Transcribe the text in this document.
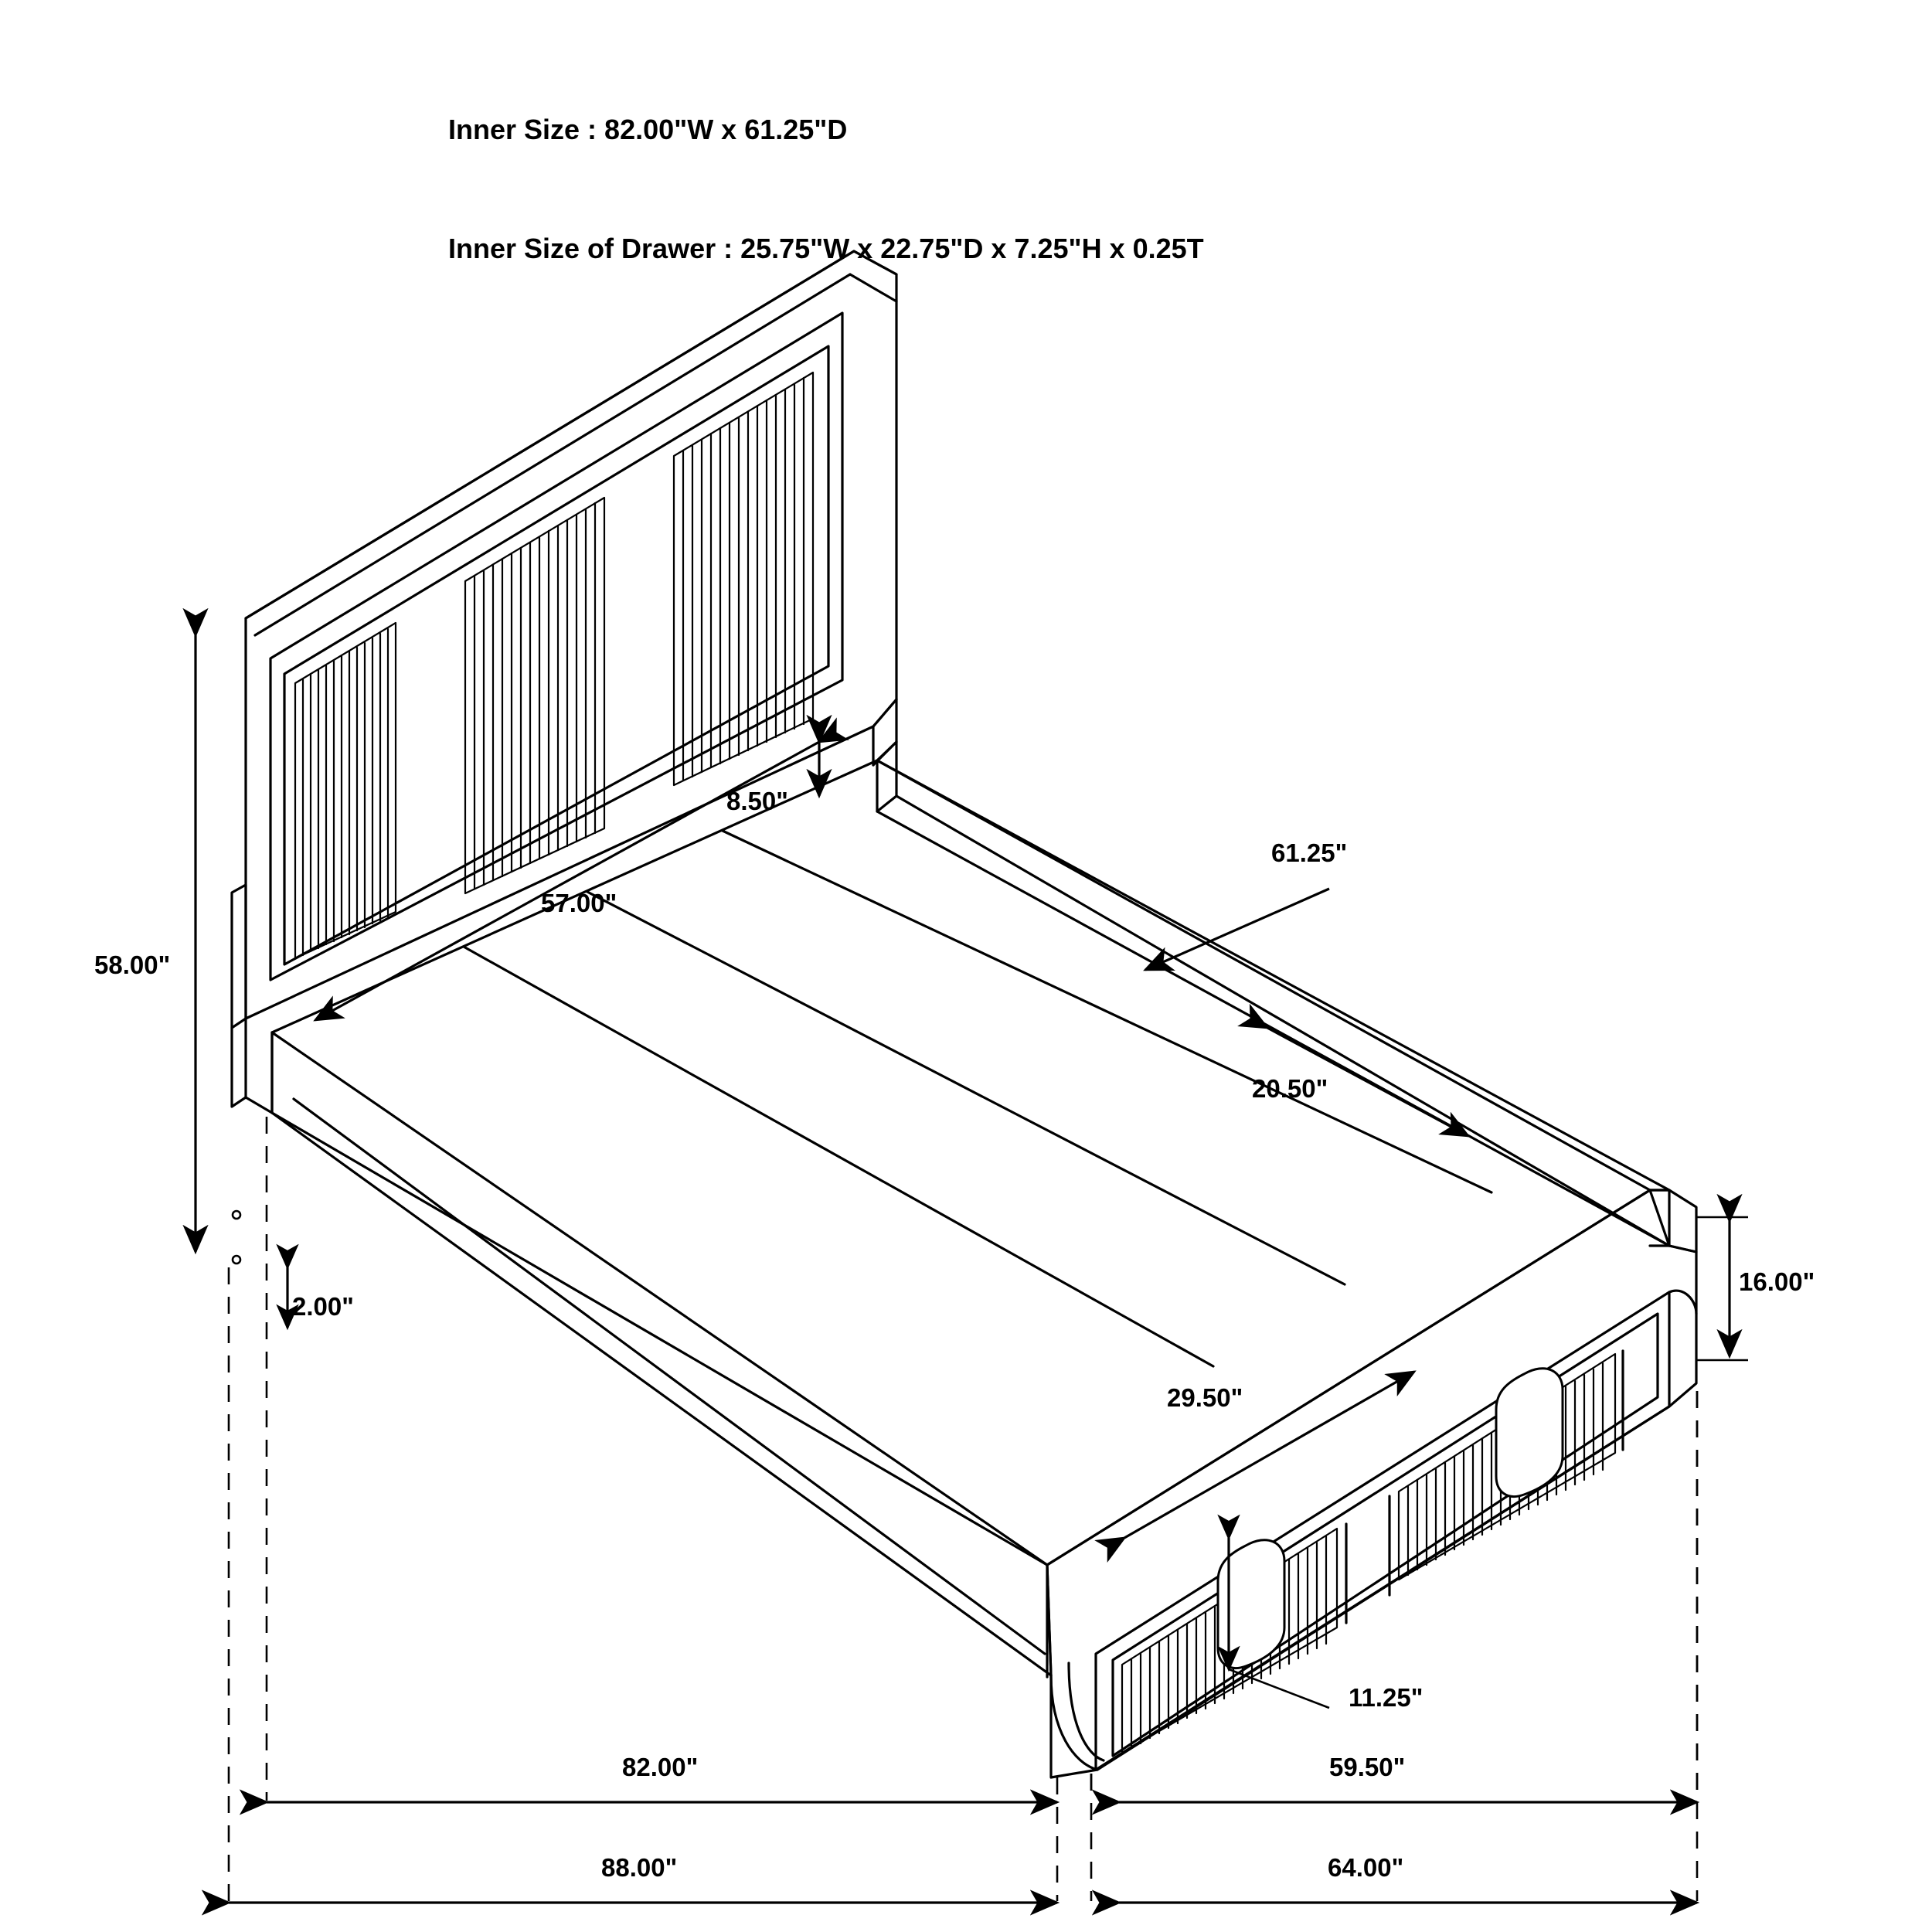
Inner Size : 82.00"W x 61.25"D

Inner Size of Drawer : 25.75"W x 22.75"D x 7.25"H x 0.25T

58.00"
57.00"
8.50"
61.25"
20.50"
29.50"
16.00"
11.25"
2.00"
82.00"	59.50"
88.00"	64.00"
